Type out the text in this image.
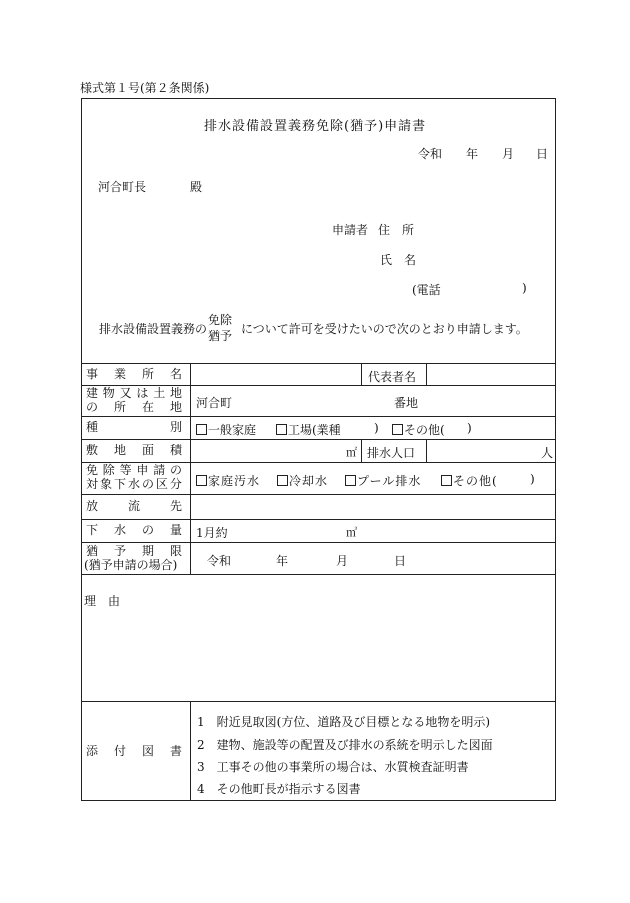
様式第１号(第２条関係)
排水設備設置義務免除(猶予)申請書
令和 年 月 日
河合町長	殿
申請者 住　所
氏　名
(電話	)
排水設備設置義務の
免除
猶予 について許可を受けたいので次のとおり申請します。
事 業 所 名	代表者名
建 物 又 は 土 地
の 所 在 地 河合町	番地
種	別	一般家庭	工場(業種	)	その他( )
敷 地 面 積	㎡ 排水人口	人
免 除 等 申 請 の
対 象 下 水 の 区 分	家庭汚水	冷却水	プール排水	その他(	)
放 流 先
下 水 の 量 1月約	㎥
猶 予 期 限
(猶予申請の場合) 令和	年	月	日
理　由
添 付 図 書
1　 附近見取図(方位、道路及び目標となる地物を明示)
2　 建物、施設等の配置及び排水の系統を明示した図面
3　 工事その他の事業所の場合は、水質検査証明書
4　 その他町長が指示する図書
